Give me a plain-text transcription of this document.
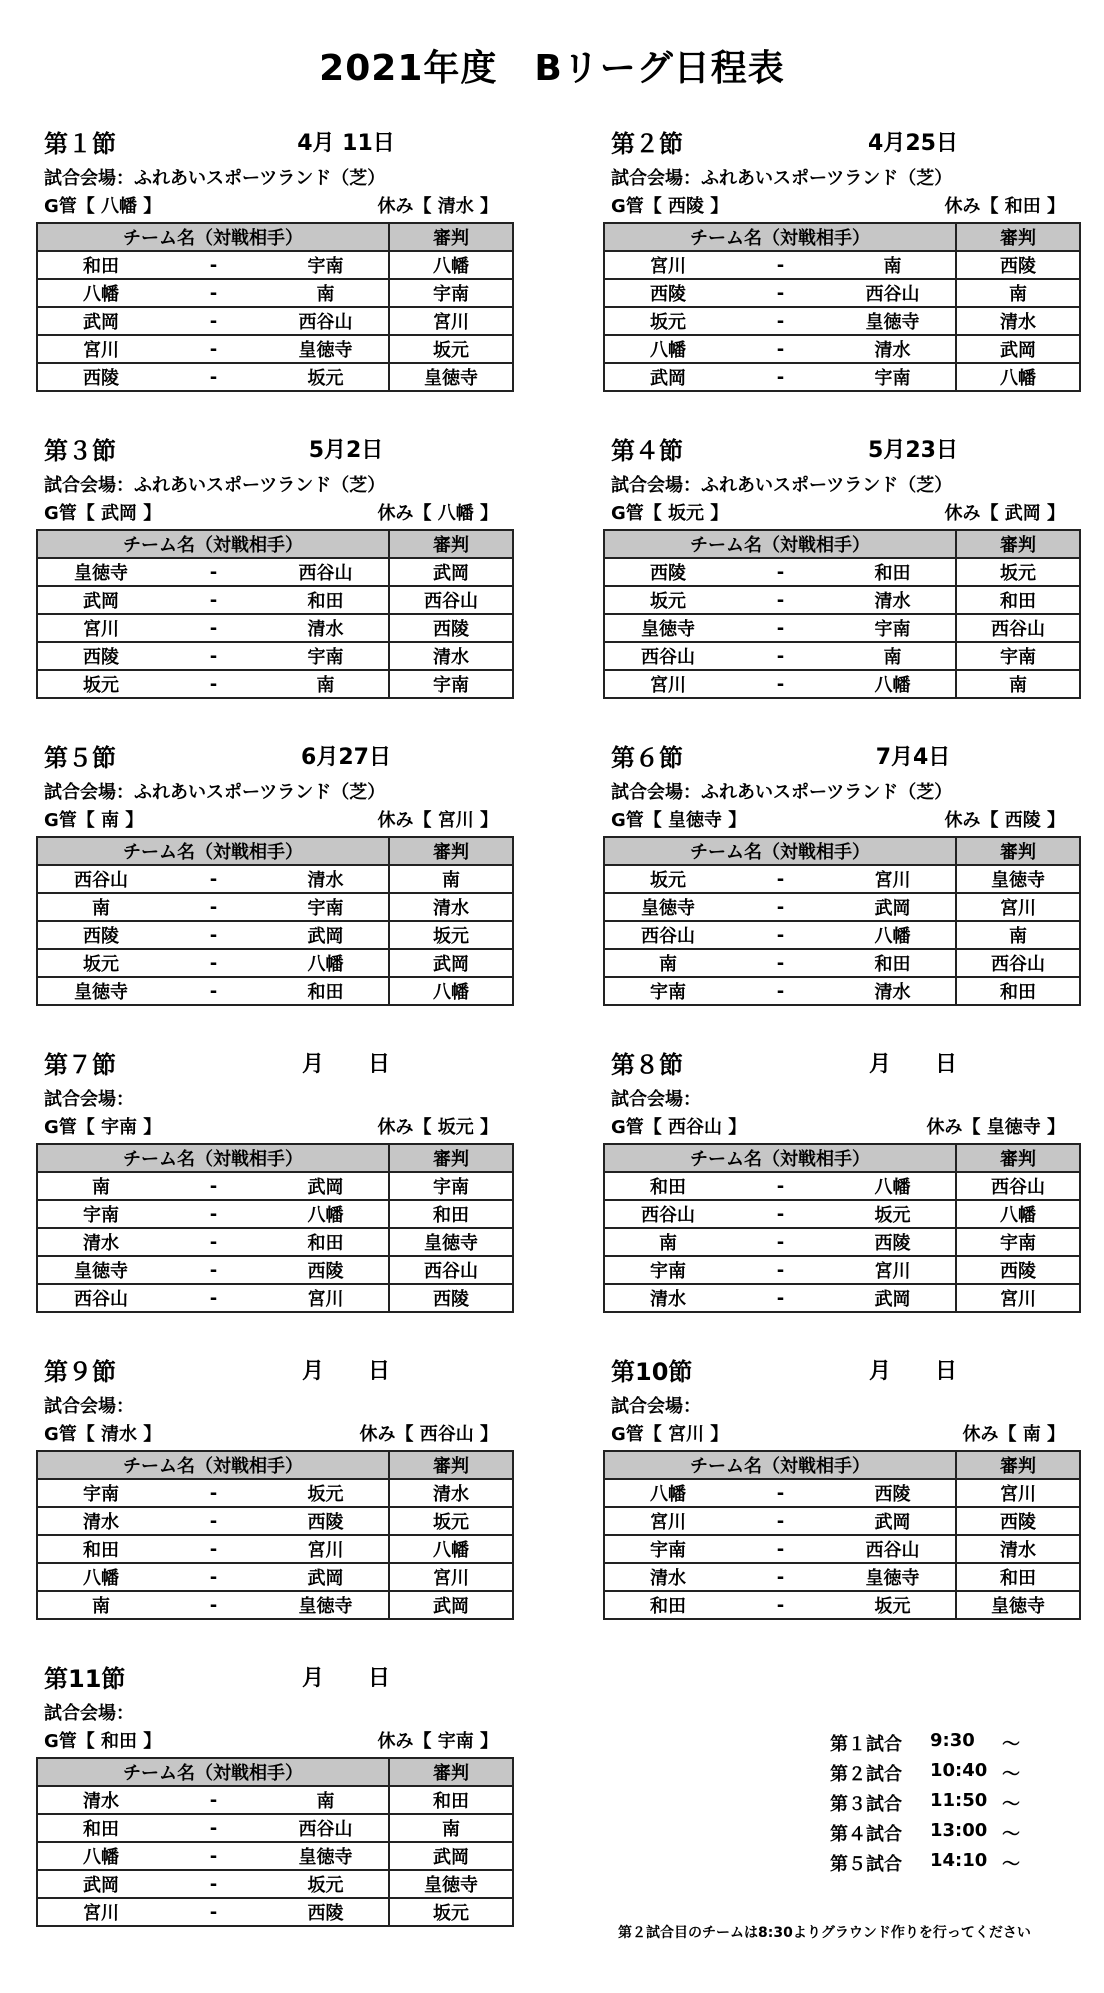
2021年度　Bリーグ日程表
第１節	4月 11日
試合会場：ふれあいスポーツランド（芝）
G管【 八幡 】	休み【 清水 】
チーム名（対戦相手）			審判
和田	-	宇南	八幡
八幡	-	南	宇南
武岡	-	西谷山	宮川
宮川	-	皇徳寺	坂元
西陵	-	坂元	皇徳寺
第２節	4月25日
試合会場：ふれあいスポーツランド（芝）
G管【 西陵 】	休み【 和田 】
チーム名（対戦相手）			審判
宮川	-	南	西陵
西陵	-	西谷山	南
坂元	-	皇徳寺	清水
八幡	-	清水	武岡
武岡	-	宇南	八幡
第３節	5月2日
試合会場：ふれあいスポーツランド（芝）
G管【 武岡 】	休み【 八幡 】
チーム名（対戦相手）			審判
皇徳寺	-	西谷山	武岡
武岡	-	和田	西谷山
宮川	-	清水	西陵
西陵	-	宇南	清水
坂元	-	南	宇南
第４節	5月23日
試合会場：ふれあいスポーツランド（芝）
G管【 坂元 】	休み【 武岡 】
チーム名（対戦相手）			審判
西陵	-	和田	坂元
坂元	-	清水	和田
皇徳寺	-	宇南	西谷山
西谷山	-	南	宇南
宮川	-	八幡	南
第５節	6月27日
試合会場：ふれあいスポーツランド（芝）
G管【 南 】	休み【 宮川 】
チーム名（対戦相手）			審判
西谷山	-	清水	南
南	-	宇南	清水
西陵	-	武岡	坂元
坂元	-	八幡	武岡
皇徳寺	-	和田	八幡
第６節	7月4日
試合会場：ふれあいスポーツランド（芝）
G管【 皇徳寺 】	休み【 西陵 】
チーム名（対戦相手）			審判
坂元	-	宮川	皇徳寺
皇徳寺	-	武岡	宮川
西谷山	-	八幡	南
南	-	和田	西谷山
宇南	-	清水	和田
第７節	月　　日
試合会場：
G管【 宇南 】	休み【 坂元 】
チーム名（対戦相手）			審判
南	-	武岡	宇南
宇南	-	八幡	和田
清水	-	和田	皇徳寺
皇徳寺	-	西陵	西谷山
西谷山	-	宮川	西陵
第８節	月　　日
試合会場：
G管【 西谷山 】	休み【 皇徳寺 】
チーム名（対戦相手）			審判
和田	-	八幡	西谷山
西谷山	-	坂元	八幡
南	-	西陵	宇南
宇南	-	宮川	西陵
清水	-	武岡	宮川
第９節	月　　日
試合会場：
G管【 清水 】	休み【 西谷山 】
チーム名（対戦相手）			審判
宇南	-	坂元	清水
清水	-	西陵	坂元
和田	-	宮川	八幡
八幡	-	武岡	宮川
南	-	皇徳寺	武岡
第10節	月　　日
試合会場：
G管【 宮川 】	休み【 南 】
チーム名（対戦相手）			審判
八幡	-	西陵	宮川
宮川	-	武岡	西陵
宇南	-	西谷山	清水
清水	-	皇徳寺	和田
和田	-	坂元	皇徳寺
第11節	月　　日
試合会場：
G管【 和田 】	休み【 宇南 】
チーム名（対戦相手）			審判
清水	-	南	和田
和田	-	西谷山	南
八幡	-	皇徳寺	武岡
武岡	-	坂元	皇徳寺
宮川	-	西陵	坂元
第１試合	9:30	～
第２試合	10:40 ～
第３試合	11:50 ～
第４試合	13:00 ～
第５試合	14:10 ～
第２試合目のチームは8:30よりグラウンド作りを行ってください
